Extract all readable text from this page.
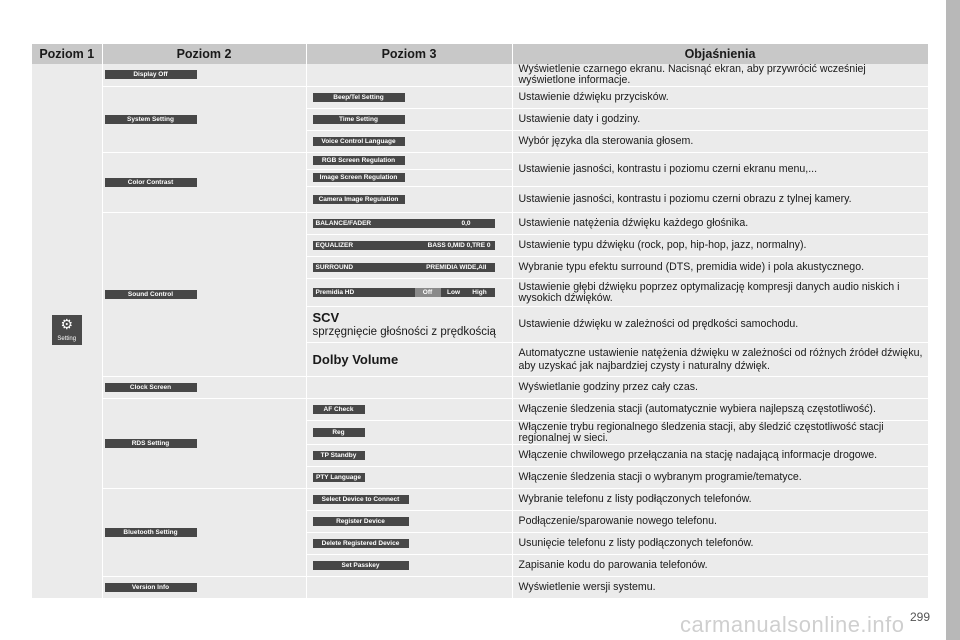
Poziom 1	Poziom 2	Poziom 3	Objaśnienia

⚙
Setting	Display Off		Wyświetlenie czarnego ekranu. Nacisnąć ekran, aby przywrócić wcześniej wyświetlone informacje.
	System Setting	Beep/Tel Setting	Ustawienie dźwięku przycisków.
		Time Setting	Ustawienie daty i godziny.
		Voice Control Language	Wybór języka dla sterowania głosem.
	Color Contrast	RGB Screen Regulation	Ustawienie jasności, kontrastu i poziomu czerni ekranu menu,...
		Image Screen Regulation	
		Camera Image Regulation	Ustawienie jasności, kontrastu i poziomu czerni obrazu z tylnej kamery.
	Sound Control	BALANCE/FADER 0,0	Ustawienie natężenia dźwięku każdego głośnika.
		EQUALIZER BASS 0,MID 0,TRE 0	Ustawienie typu dźwięku (rock, pop, hip-hop, jazz, normalny).
		SURROUND PREMIDIA WIDE,All	Wybranie typu efektu surround (DTS, premidia wide) i pola akustycznego.
		Premidia HD Off Low High	Ustawienie głębi dźwięku poprzez optymalizację kompresji danych audio niskich i wysokich dźwięków.

		SCV
sprzęgnięcie głośności z prędkością	Ustawienie dźwięku w zależności od prędkości samochodu.

		Dolby Volume	Automatyczne ustawienie natężenia dźwięku w zależności od różnych źródeł dźwięku, aby uzyskać jak najbardziej czysty i naturalny dźwięk.
	Clock Screen		Wyświetlanie godziny przez cały czas.
	RDS Setting	AF Check	Włączenie śledzenia stacji (automatycznie wybiera najlepszą częstotliwość).
		Reg	Włączenie trybu regionalnego śledzenia stacji, aby śledzić częstotliwość stacji regionalnej w sieci.
		TP Standby	Włączenie chwilowego przełączania na stację nadającą informacje drogowe.
		PTY Language	Włączenie śledzenia stacji o wybranym programie/tematyce.
	Bluetooth Setting	Select Device to Connect	Wybranie telefonu z listy podłączonych telefonów.
		Register Device	Podłączenie/sparowanie nowego telefonu.
		Delete Registered Device	Usunięcie telefonu z listy podłączonych telefonów.
		Set Passkey	Zapisanie kodu do parowania telefonów.
	Version Info		Wyświetlenie wersji systemu.
carmanualsonline.info 299
